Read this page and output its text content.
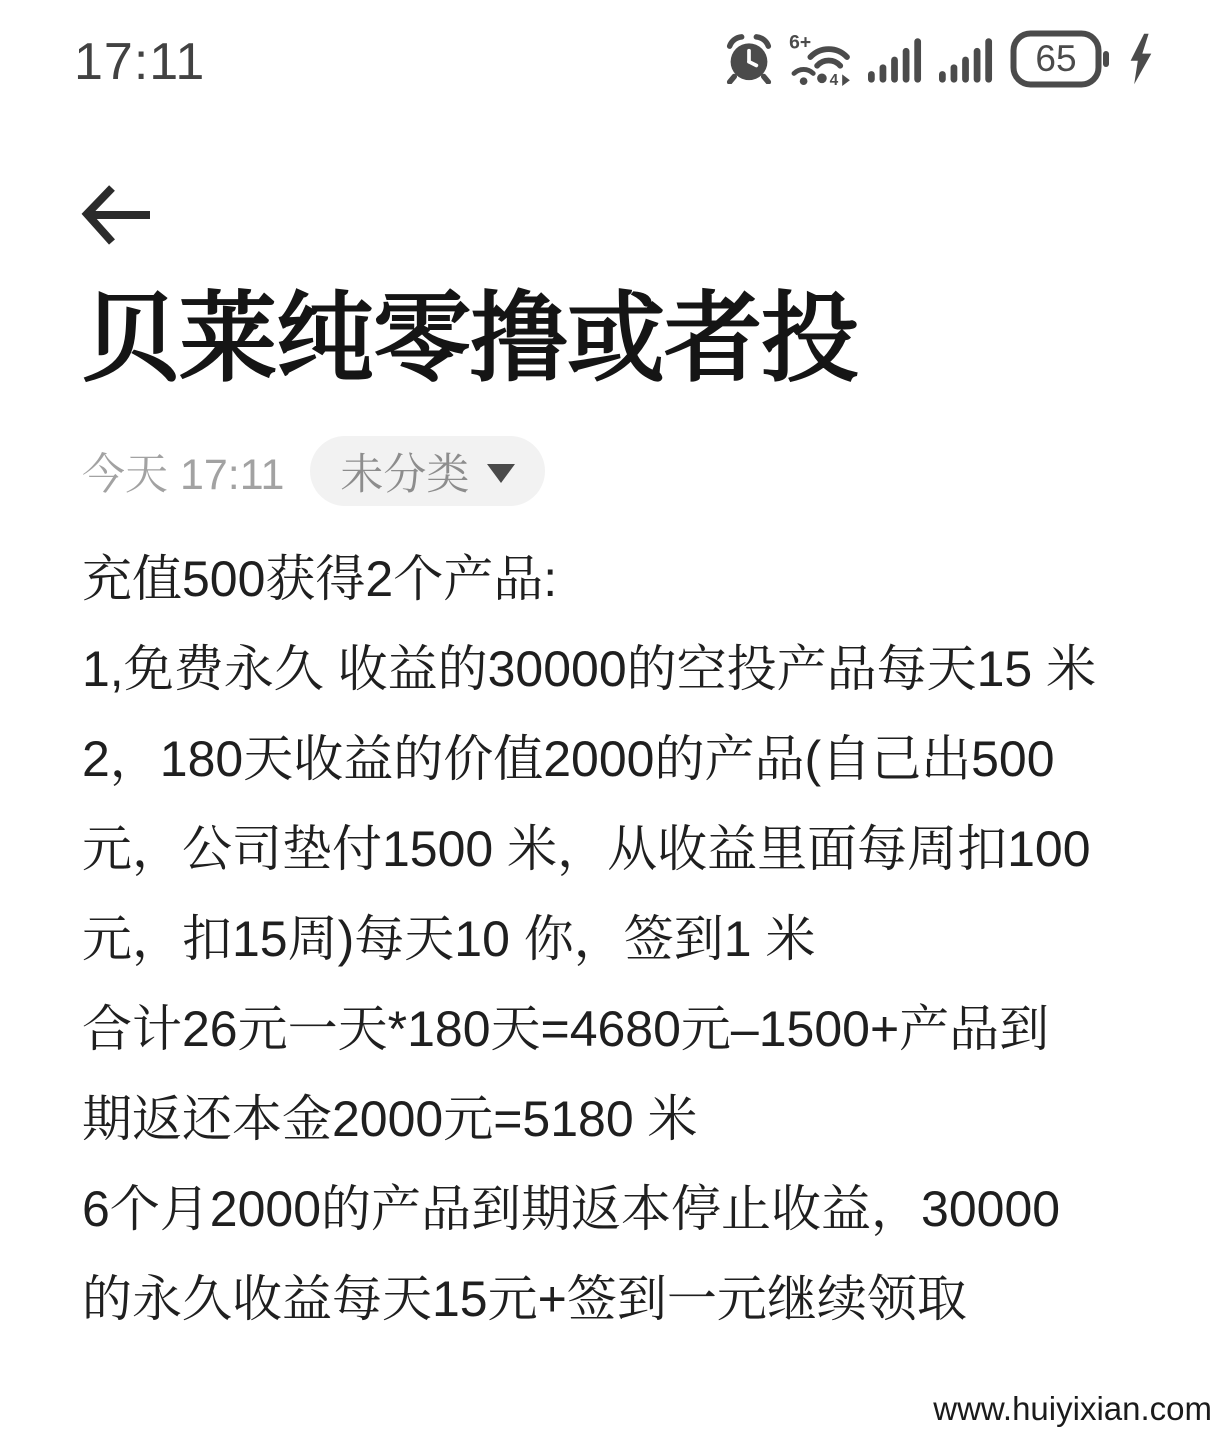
17:11	6+
4
65
贝莱纯零撸或者投
今天 17:11 未分类
充值500获得2个产品:
1,免费永久 收益的30000的空投产品每天15 米
2，180天收益的价值2000的产品(自己出500
元，公司垫付1500 米，从收益里面每周扣100
元，扣15周)每天10 你，签到1 米
合计26元一天*180天=4680元–1500+产品到
期返还本金2000元=5180 米
6个月2000的产品到期返本停止收益，30000
的永久收益每天15元+签到一元继续领取
www.huiyixian.com
